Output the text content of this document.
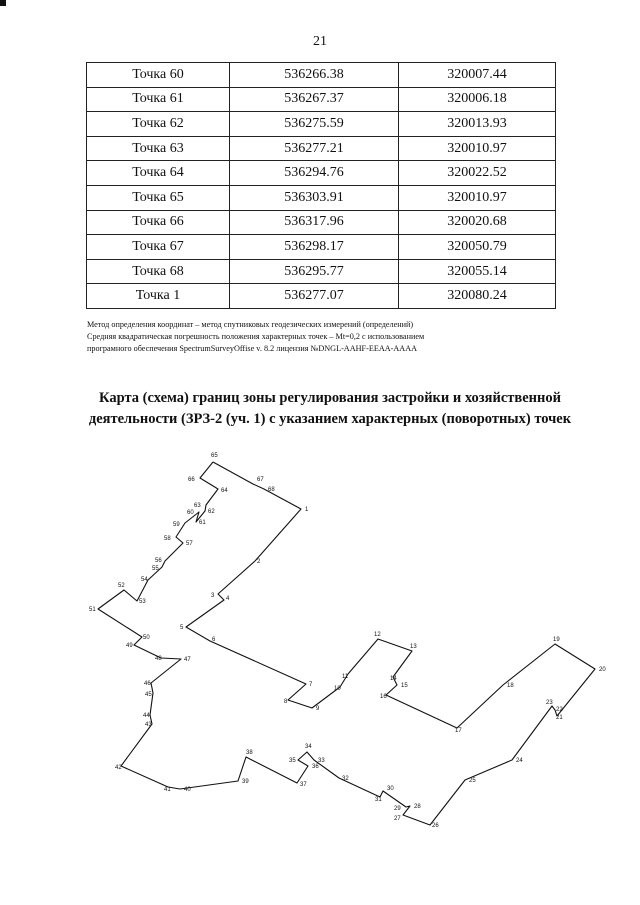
21
Точка 60	536266.38	320007.44
Точка 61	536267.37	320006.18
Точка 62	536275.59	320013.93
Точка 63	536277.21	320010.97
Точка 64	536294.76	320022.52
Точка 65	536303.91	320010.97
Точка 66	536317.96	320020.68
Точка 67	536298.17	320050.79
Точка 68	536295.77	320055.14
Точка 1	536277.07	320080.24
Метод определения координат – метод спутниковых геодезических измерений (определений)
Средняя квадратическая погрешность положения характерных точек – Mt=0,2 с использованием
програмного обеспечения SpectrumSurveyOffise v. 8.2 лицензия №DNGL-AAHF-EEAA-AAAA
Карта (схема) границ зоны регулирования застройки и хозяйственной
деятельности (ЗРЗ-2 (уч. 1) с указанием характерных (поворотных) точек
65
66
64
67
68
1
63
60 62
59	61
58
57
56
55
54
2
52
53
3 4
51
5
50
49
6
48	47
46	7
8
9
45
44
43
42
41 40
39
38
37
36
35
34
33
32
31
30
29 28
27
26
25
24
23
22
21
20
19
18
17
16
15
14
13
12
11
10
